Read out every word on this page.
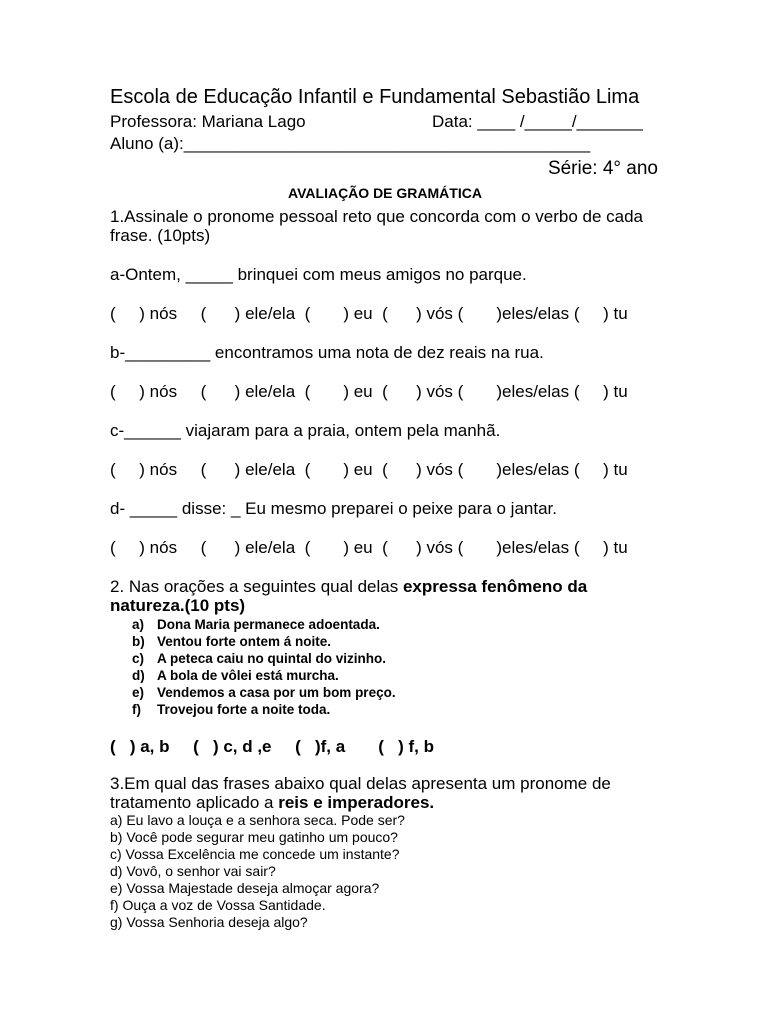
Escola de Educação Infantil e Fundamental Sebastião Lima
Professora: Mariana Lago	Data: ____ /_____/_______
Aluno (a):___________________________________________
Série: 4° ano
AVALIAÇÃO DE GRAMÁTICA
1.Assinale o pronome pessoal reto que concorda com o verbo de cada frase. (10pts)
a-Ontem, _____ brinquei com meus amigos no parque.
(     ) nós     (      ) ele/ela  (       ) eu  (      ) vós (       )eles/elas (     ) tu
b-_________ encontramos uma nota de dez reais na rua.
(     ) nós     (      ) ele/ela  (       ) eu  (      ) vós (       )eles/elas (     ) tu
c-______ viajaram para a praia, ontem pela manhã.
(     ) nós     (      ) ele/ela  (       ) eu  (      ) vós (       )eles/elas (     ) tu
d- _____ disse: _ Eu mesmo preparei o peixe para o jantar.
(     ) nós     (      ) ele/ela  (       ) eu  (      ) vós (       )eles/elas (     ) tu
2. Nas orações a seguintes qual delas expressa fenômeno da natureza.(10 pts)
a) Dona Maria permanece adoentada.
b) Ventou forte ontem á noite.
c) A peteca caiu no quintal do vizinho.
d) A bola de vôlei está murcha.
e) Vendemos a casa por um bom preço.
f) Trovejou forte a noite toda.
(   ) a, b     (   ) c, d ,e     (   )f, a       (   ) f, b
3.Em qual das frases abaixo qual delas apresenta um pronome de tratamento aplicado a reis e imperadores.
a) Eu lavo a louça e a senhora seca. Pode ser?
b) Você pode segurar meu gatinho um pouco?
c) Vossa Excelência me concede um instante?
d) Vovô, o senhor vai sair?
e) Vossa Majestade deseja almoçar agora?
f) Ouça a voz de Vossa Santidade.
g) Vossa Senhoria deseja algo?
